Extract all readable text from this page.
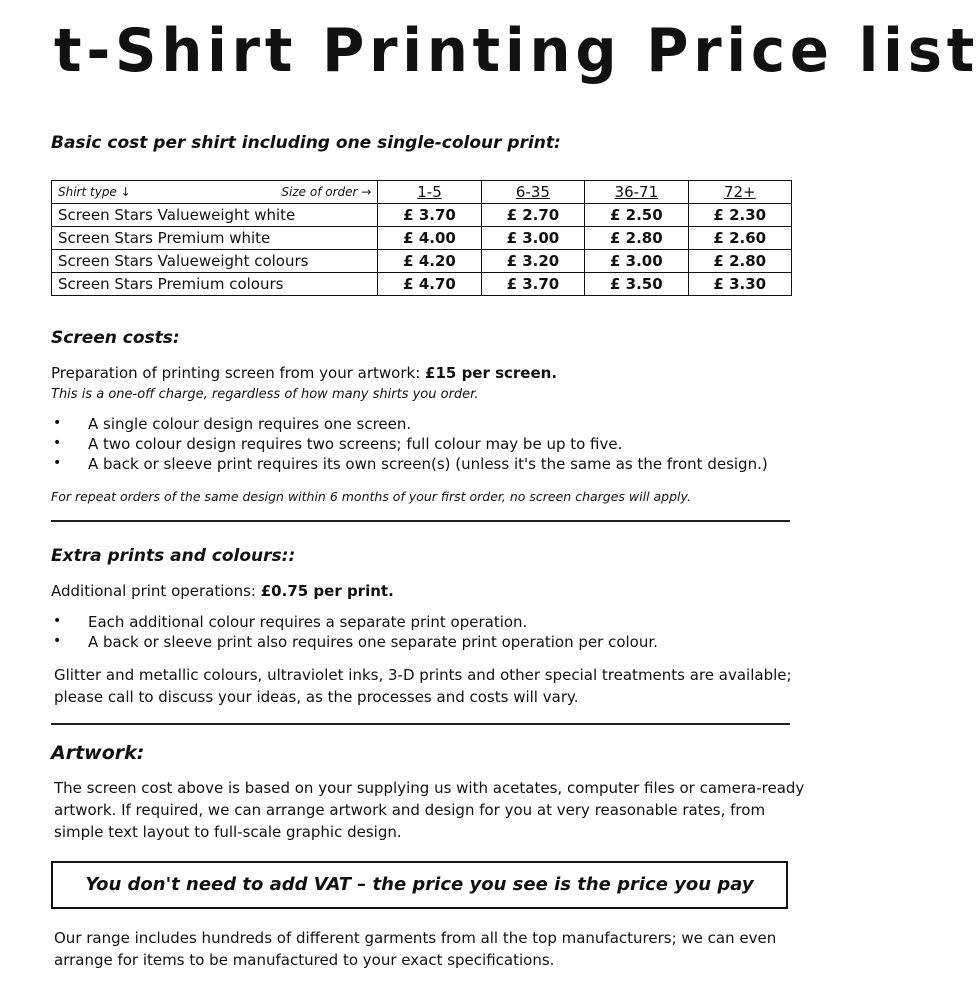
t-Shirt Printing Price list
Basic cost per shirt including one single-colour print:
Shirt type ↓ Size of order →	1-5	6-35	36-71	72+
Screen Stars Valueweight white	£ 3.70	£ 2.70	£ 2.50	£ 2.30
Screen Stars Premium white	£ 4.00	£ 3.00	£ 2.80	£ 2.60
Screen Stars Valueweight colours	£ 4.20	£ 3.20	£ 3.00	£ 2.80
Screen Stars Premium colours	£ 4.70	£ 3.70	£ 3.50	£ 3.30
Screen costs:

Preparation of printing screen from your artwork: £15 per screen.

This is a one-off charge, regardless of how many shirts you order.

• A single colour design requires one screen.
• A two colour design requires two screens; full colour may be up to five.
• A back or sleeve print requires its own screen(s) (unless it's the same as the front design.)

For repeat orders of the same design within 6 months of your first order, no screen charges will apply.

Extra prints and colours::

Additional print operations: £0.75 per print.

• Each additional colour requires a separate print operation.
• A back or sleeve print also requires one separate print operation per colour.

Glitter and metallic colours, ultraviolet inks, 3-D prints and other special treatments are available; please call to discuss your ideas, as the processes and costs will vary.

Artwork:

The screen cost above is based on your supplying us with acetates, computer files or camera-ready artwork. If required, we can arrange artwork and design for you at very reasonable rates, from simple text layout to full-scale graphic design.

You don't need to add VAT – the price you see is the price you pay

Our range includes hundreds of different garments from all the top manufacturers; we can even arrange for items to be manufactured to your exact specifications.
